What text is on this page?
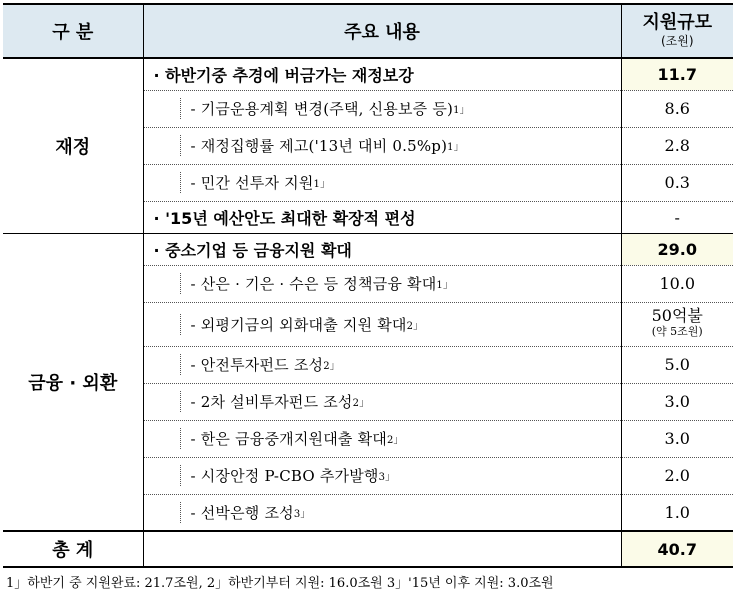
구 분	주요 내용	지원규모
(조원)

재정	· 하반기중 추경에 버금가는 재정보강	11.7

	- 기금운용계획 변경(주택, 신용보증 등) 1」	8.6

	- 재정집행률 제고('13년 대비 0.5%p) 1」	2.8

	- 민간 선투자 지원 1」	0.3
	· '15년 예산안도 최대한 확장적 편성	-
금융 · 외환	· 중소기업 등 금융지원 확대	29.0

	- 산은 · 기은 · 수은 등 정책금융 확대 1」	10.0

	- 외평기금의 외화대출 지원 확대 2」	50억불
(약 5조원)

	- 안전투자펀드 조성 2」	5.0

	- 2차 설비투자펀드 조성 2」	3.0

	- 한은 금융중개지원대출 확대 2」	3.0

	- 시장안정 P-CBO 추가발행 3」	2.0

	- 선박은행 조성 3」	1.0
총 계		40.7
1」하반기 중 지원완료: 21.7조원, 2」하반기부터 지원: 16.0조원 3」'15년 이후 지원: 3.0조원
